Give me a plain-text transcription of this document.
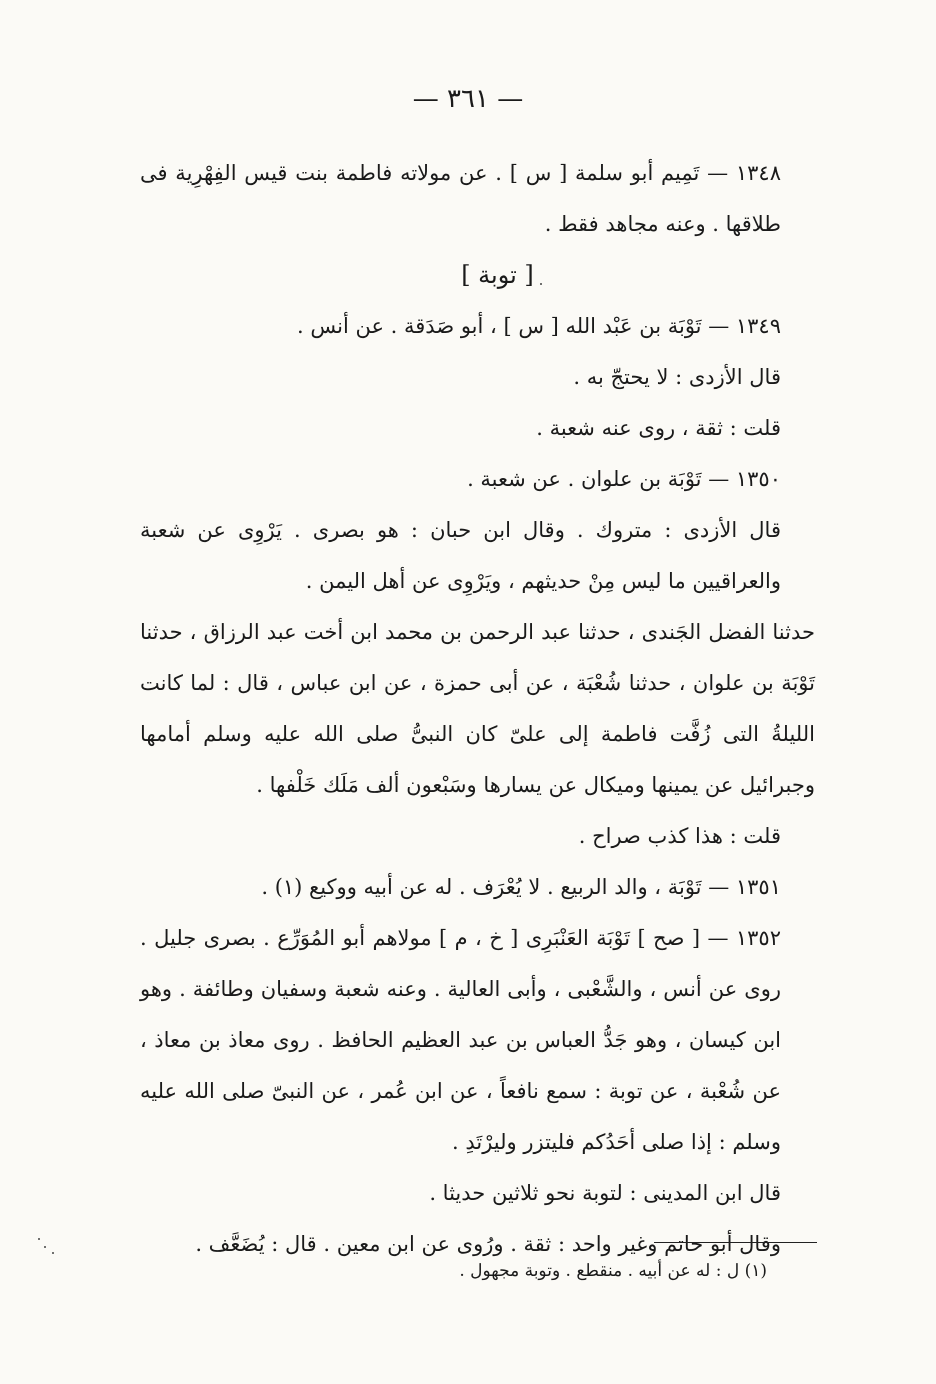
— ٣٦١ —

١٣٤٨ — تَمِيم أبو سلمة [ س ] . عن مولاته فاطمة بنت قيس الفِهْرِية فى طلاقها . وعنه مجاهد فقط .

[ توبة ]

١٣٤٩ — تَوْبَة بن عَبْد الله [ س ] ، أبو صَدَقة . عن أنس .

قال الأزدى : لا يحتجّ به .

قلت : ثقة ، روى عنه شعبة .

١٣٥٠ — تَوْبَة بن علوان . عن شعبة .

قال الأزدى : متروك . وقال ابن حبان : هو بصرى . يَرْوِى عن شعبة والعراقيين ما ليس مِنْ حديثهم ، ويَرْوِى عن أهل اليمن .

حدثنا الفضل الجَندى ، حدثنا عبد الرحمن بن محمد ابن أخت عبد الرزاق ، حدثنا تَوْبَة بن علوان ، حدثنا شُعْبَة ، عن أبى حمزة ، عن ابن عباس ، قال : لما كانت الليلةُ التى زُفَّت فاطمة إلى علىّ كان النبىُّ صلى الله عليه وسلم أمامها وجبرائيل عن يمينها وميكال عن يسارها وسَبْعون ألف مَلَك خَلْفها .

قلت : هذا كذب صراح .

١٣٥١ — تَوْبَة ، والد الربيع . لا يُعْرَف . له عن أبيه ووكيع (١) .

١٣٥٢ — [ صح ] تَوْبَة العَنْبَرِى [ خ ، م ] مولاهم أبو المُوَرِّع . بصرى جليل . روى عن أنس ، والشَّعْبى ، وأبى العالية . وعنه شعبة وسفيان وطائفة . وهو ابن كيسان ، وهو جَدُّ العباس بن عبد العظيم الحافظ . روى معاذ بن معاذ ، عن شُعْبة ، عن توبة : سمع نافعاً ، عن ابن عُمر ، عن النبىّ صلى الله عليه وسلم : إذا صلى أحَدُكم فليتزر وليرْتَدِ .

قال ابن المدينى : لتوبة نحو ثلاثين حديثا .

وقال أبو حاتم وغير واحد : ثقة . ورُوى عن ابن معين . قال : يُضَعَّف .

(١) ل : له عن أبيه . منقطع . وتوبة مجهول .
